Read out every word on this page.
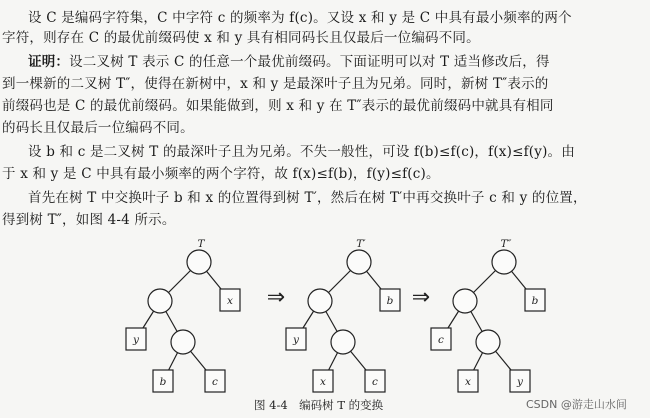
设 C 是编码字符集，C 中字符 c 的频率为 f(c)。又设 x 和 y 是 C 中具有最小频率的两个
字符，则存在 C 的最优前缀码使 x 和 y 具有相同码长且仅最后一位编码不同。
证明：设二叉树 T 表示 C 的任意一个最优前缀码。下面证明可以对 T 适当修改后，得
到一棵新的二叉树 T″，使得在新树中，x 和 y 是最深叶子且为兄弟。同时，新树 T″表示的
前缀码也是 C 的最优前缀码。如果能做到，则 x 和 y 在 T″表示的最优前缀码中就具有相同
的码长且仅最后一位编码不同。
设 b 和 c 是二叉树 T 的最深叶子且为兄弟。不失一般性，可设 f(b)≤f(c)，f(x)≤f(y)。由
于 x 和 y 是 C 中具有最小频率的两个字符，故 f(x)≤f(b)，f(y)≤f(c)。
首先在树 T 中交换叶子 b 和 x 的位置得到树 T′，然后在树 T′中再交换叶子 c 和 y 的位置，
得到树 T″，如图 4-4 所示。
x
y
b	c
T
b
y
x	c
T′
b
c
x	y
T″
⇒	⇒
图 4-4　编码树 T 的变换	CSDN @游走山水间
